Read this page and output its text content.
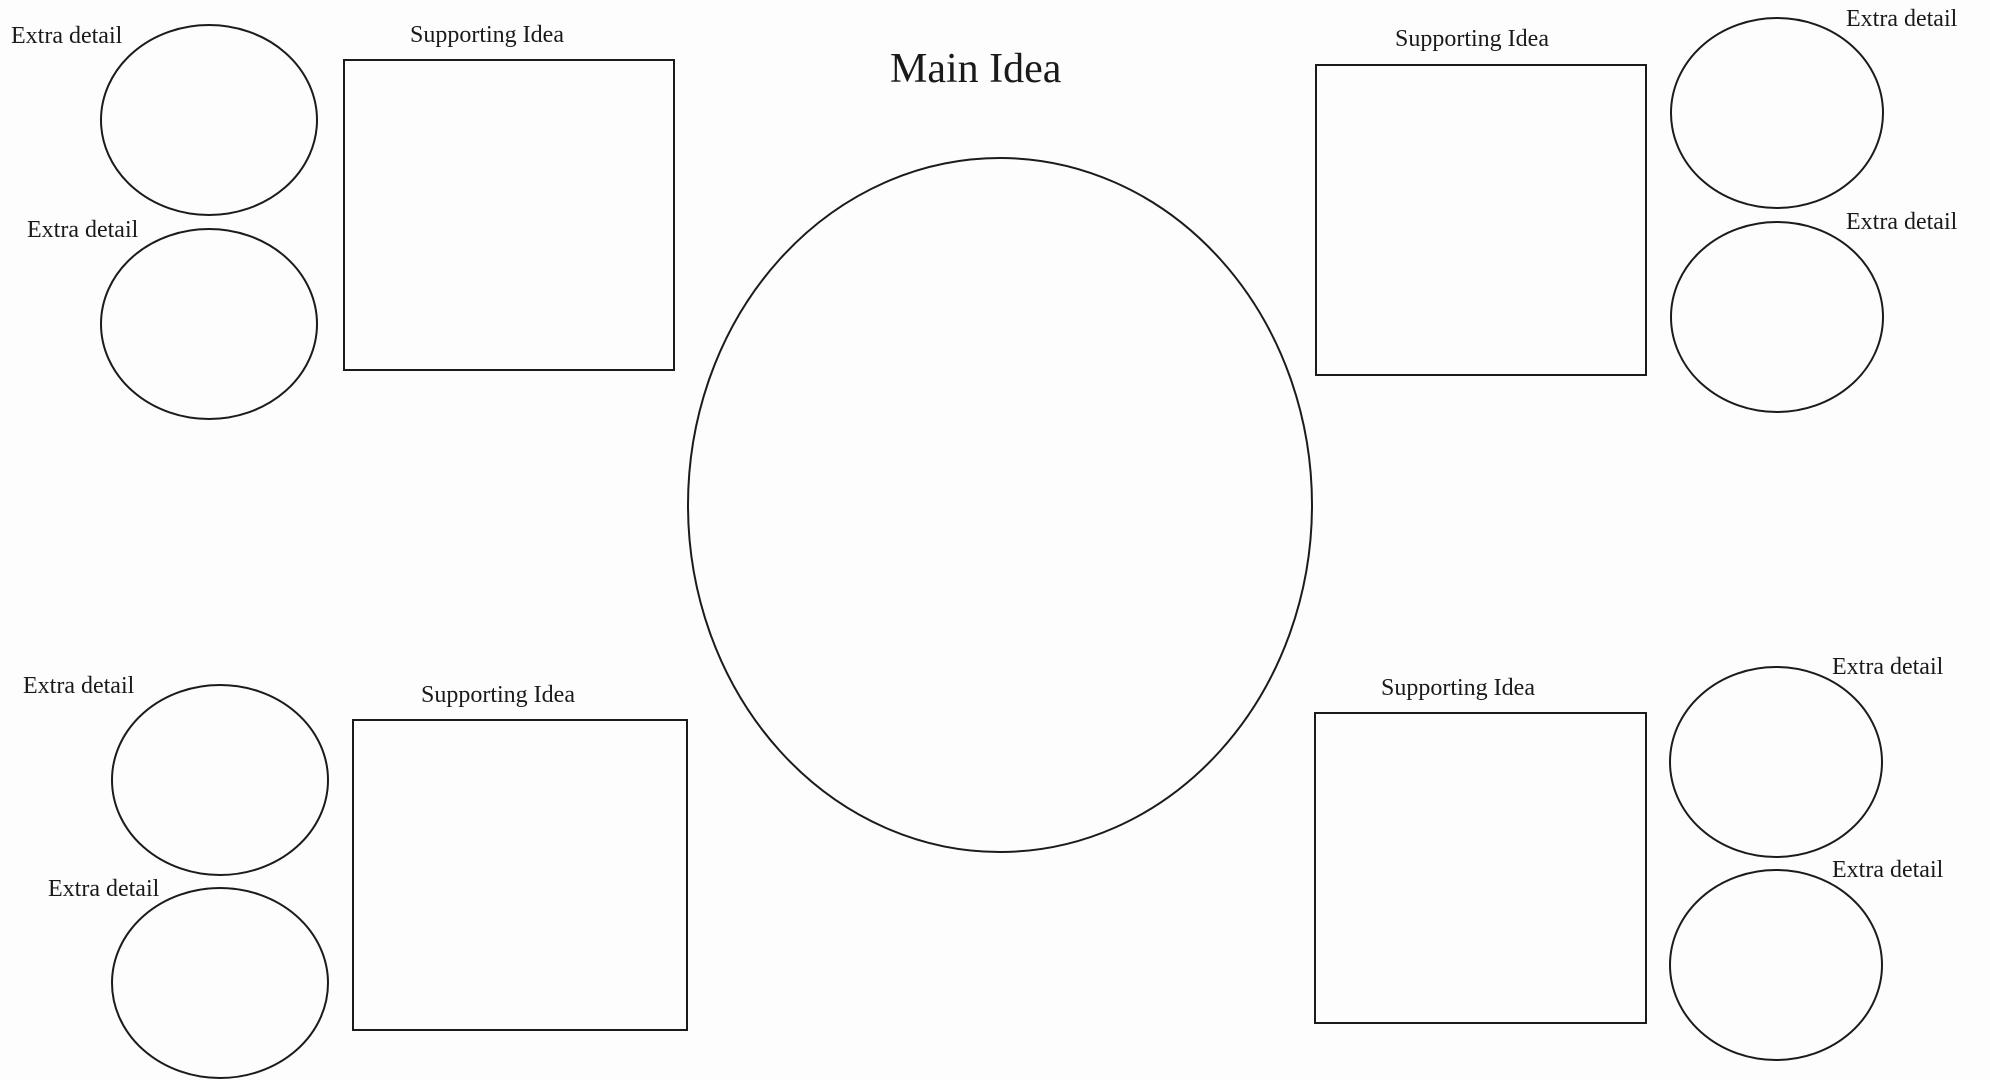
Main Idea
Supporting Idea
Extra detail
Extra detail
Supporting Idea
Extra detail
Extra detail
Supporting Idea
Extra detail
Extra detail
Supporting Idea
Extra detail
Extra detail
